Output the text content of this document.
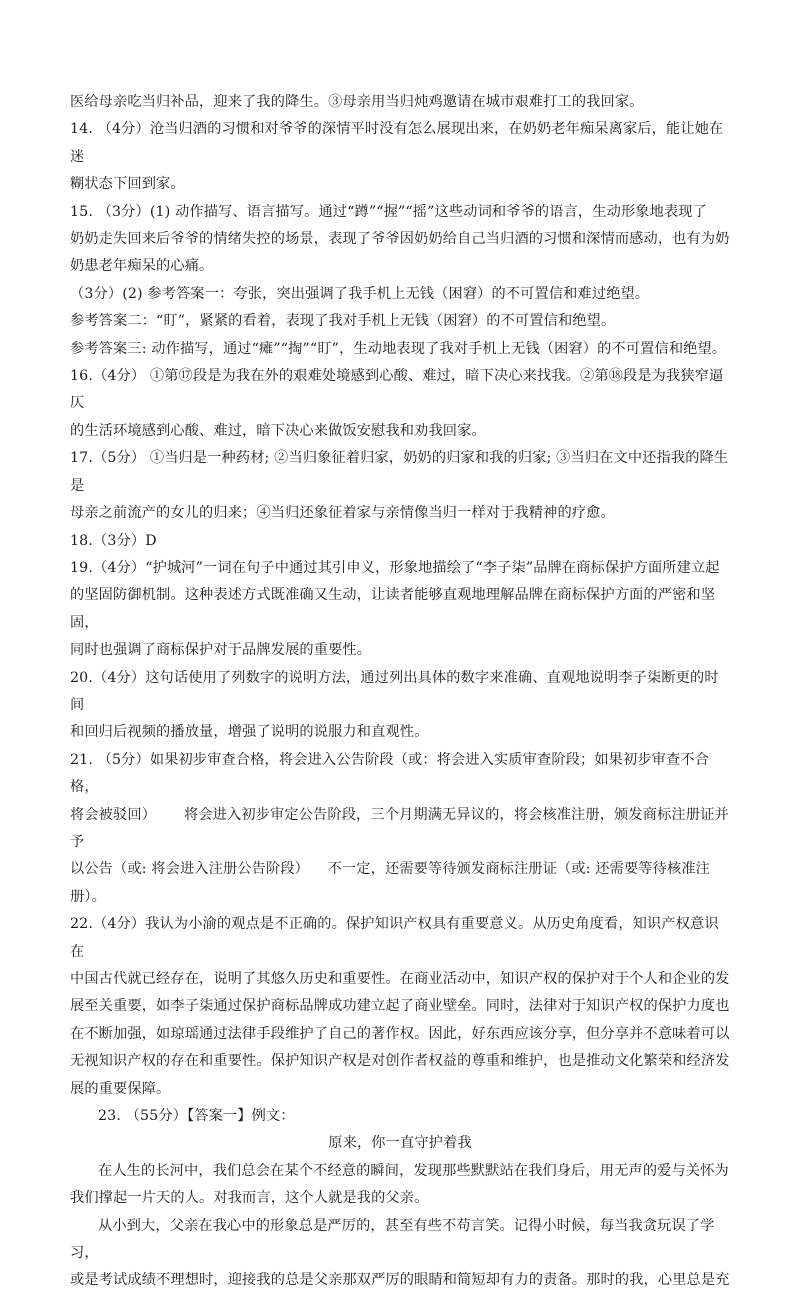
医给母亲吃当归补品，迎来了我的降生。③母亲用当归炖鸡邀请在城市艰难打工的我回家。

14. （4分）沧当归酒的习惯和对爷爷的深情平时没有怎么展现出来，在奶奶老年痴呆离家后，能让她在迷

糊状态下回到家。

15. （3分）(1) 动作描写、语言描写。通过“蹲”“握”“摇”这些动词和爷爷的语言，生动形象地表现了

奶奶走失回来后爷爷的情绪失控的场景，表现了爷爷因奶奶给自己当归酒的习惯和深情而感动，也有为奶

奶患老年痴呆的心痛。

（3分）(2) 参考答案一：夸张，突出强调了我手机上无钱（困窘）的不可置信和难过绝望。

参考答案二：“盯”，紧紧的看着，表现了我对手机上无钱（困窘）的不可置信和绝望。

参考答案三: 动作描写，通过“瘫”“掏”“盯”，生动地表现了我对手机上无钱（困窘）的不可置信和绝望。

16.（4分） ①第⑰段是为我在外的艰难处境感到心酸、难过，暗下决心来找我。②第⑱段是为我狭窄逼仄

的生活环境感到心酸、难过，暗下决心来做饭安慰我和劝我回家。

17.（5分） ①当归是一种药材; ②当归象征着归家，奶奶的归家和我的归家; ③当归在文中还指我的降生是

母亲之前流产的女儿的归来；④当归还象征着家与亲情像当归一样对于我精神的疗愈。

18.（3分）D

19.（4分）“护城河”一词在句子中通过其引申义，形象地描绘了“李子柒”品牌在商标保护方面所建立起

的坚固防御机制。这种表述方式既准确又生动，让读者能够直观地理解品牌在商标保护方面的严密和坚固，

同时也强调了商标保护对于品牌发展的重要性。

20.（4分）这句话使用了列数字的说明方法，通过列出具体的数字来准确、直观地说明李子柒断更的时间

和回归后视频的播放量，增强了说明的说服力和直观性。

21. （5分）如果初步审查合格，将会进入公告阶段（或：将会进入实质审查阶段；如果初步审查不合格，

将会被驳回）      将会进入初步审定公告阶段，三个月期满无异议的，将会核准注册，颁发商标注册证并予

以公告（或: 将会进入注册公告阶段）    不一定，还需要等待颁发商标注册证（或: 还需要等待核准注册）。

22.（4分）我认为小渝的观点是不正确的。保护知识产权具有重要意义。从历史角度看，知识产权意识在

中国古代就已经存在，说明了其悠久历史和重要性。在商业活动中，知识产权的保护对于个人和企业的发

展至关重要，如李子柒通过保护商标品牌成功建立起了商业壁垒。同时，法律对于知识产权的保护力度也

在不断加强，如琼瑶通过法律手段维护了自己的著作权。因此，好东西应该分享，但分享并不意味着可以

无视知识产权的存在和重要性。保护知识产权是对创作者权益的尊重和维护，也是推动文化繁荣和经济发

展的重要保障。

23. （55分）【答案一】例文：

原来，你一直守护着我

在人生的长河中，我们总会在某个不经意的瞬间，发现那些默默站在我们身后，用无声的爱与关怀为

我们撑起一片天的人。对我而言，这个人就是我的父亲。

从小到大，父亲在我心中的形象总是严厉的，甚至有些不苟言笑。记得小时候，每当我贪玩误了学习，

或是考试成绩不理想时，迎接我的总是父亲那双严厉的眼睛和简短却有力的责备。那时的我，心里总是充
